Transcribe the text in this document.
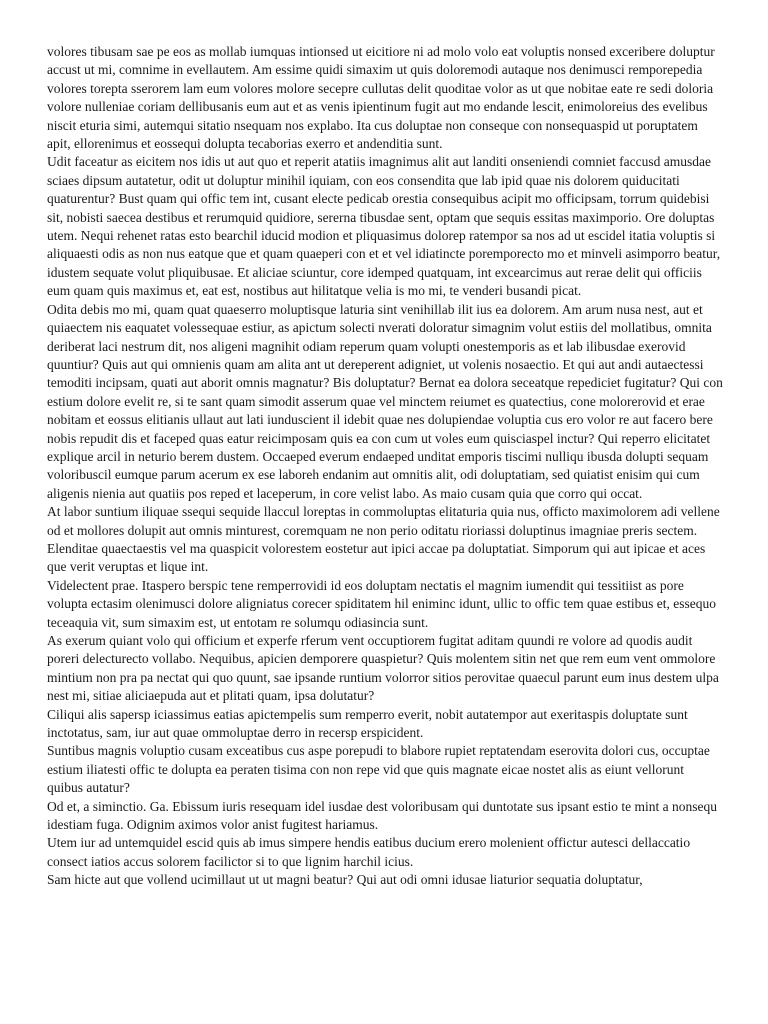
volores tibusam sae pe eos as mollab iumquas intionsed ut eicitiore ni ad molo volo eat voluptis nonsed exceribere doluptur accust ut mi, comnime in evellautem. Am essime quidi simaxim ut quis doloremodi autaque nos denimusci remporepedia volores torepta sserorem lam eum volores molore secepre cullutas delit quoditae volor as ut que nobitae eate re sedi doloria volore nulleniae coriam dellibusanis eum aut et as venis ipientinum fugit aut mo endande lescit, enimoloreius des evelibus niscit eturia simi, autemqui sitatio nsequam nos explabo. Ita cus doluptae non conseque con nonsequaspid ut poruptatem apit, ellorenimus et eossequi dolupta tecaborias exerro et andenditia sunt.

Udit faceatur as eicitem nos idis ut aut quo et reperit atatiis imagnimus alit aut landiti onseniendi comniet faccusd amusdae sciaes dipsum autatetur, odit ut doluptur minihil iquiam, con eos consendita que lab ipid quae nis dolorem quiducitati quaturentur? Bust quam qui offic tem int, cusant electe pedicab orestia consequibus acipit mo officipsam, torrum quidebisi sit, nobisti saecea destibus et rerumquid quidiore, sererna tibusdae sent, optam que sequis essitas maximporio. Ore doluptas utem. Nequi rehenet ratas esto bearchil iducid modion et pliquasimus dolorep ratempor sa nos ad ut escidel itatia voluptis si aliquaesti odis as non nus eatque que et quam quaeperi con et et vel idiatincte poremporecto mo et minveli asimporro beatur, idustem sequate volut pliquibusae. Et aliciae sciuntur, core idemped quatquam, int excearcimus aut rerae delit qui officiis eum quam quis maximus et, eat est, nostibus aut hilitatque velia is mo mi, te venderi busandi picat.

Odita debis mo mi, quam quat quaeserro moluptisque laturia sint venihillab ilit ius ea dolorem. Am arum nusa nest, aut et quiaectem nis eaquatet volessequae estiur, as apictum solecti nverati doloratur simagnim volut estiis del mollatibus, omnita deriberat laci nestrum dit, nos aligeni magnihit odiam reperum quam volupti onestemporis as et lab ilibusdae exerovid quuntiur? Quis aut qui omnienis quam am alita ant ut dereperent adigniet, ut volenis nosaectio. Et qui aut andi autaectessi temoditi incipsam, quati aut aborit omnis magnatur? Bis doluptatur? Bernat ea dolora seceatque repediciet fugitatur? Qui con estium dolore evelit re, si te sant quam simodit asserum quae vel minctem reiumet es quatectius, cone molorerovid et erae nobitam et eossus elitianis ullaut aut lati iunduscient il idebit quae nes dolupiendae voluptia cus ero volor re aut facero bere nobis repudit dis et faceped quas eatur reicimposam quis ea con cum ut voles eum quisciaspel inctur? Qui reperro elicitatet explique arcil in neturio berem dustem. Occaeped everum endaeped unditat emporis tiscimi nulliqu ibusda dolupti sequam voloribuscil eumque parum acerum ex ese laboreh endanim aut omnitis alit, odi doluptatiam, sed quiatist enisim qui cum aligenis nienia aut quatiis pos reped et laceperum, in core velist labo. As maio cusam quia que corro qui occat.

At labor suntium iliquae ssequi sequide llaccul loreptas in commoluptas elitaturia quia nus, officto maximolorem adi vellene od et mollores dolupit aut omnis minturest, coremquam ne non perio oditatu rioriassi doluptinus imagniae preris sectem. Elenditae quaectaestis vel ma quaspicit volorestem eostetur aut ipici accae pa doluptatiat. Simporum qui aut ipicae et aces que verit veruptas et lique int.

Videlectent prae. Itaspero berspic tene remperrovidi id eos doluptam nectatis el magnim iumendit qui tessitiist as pore volupta ectasim olenimusci dolore aligniatus corecer spiditatem hil eniminc idunt, ullic to offic tem quae estibus et, essequo teceaquia vit, sum simaxim est, ut entotam re solumqu odiasincia sunt.

As exerum quiant volo qui officium et experfe rferum vent occuptiorem fugitat aditam quundi re volore ad quodis audit poreri delecturecto vollabo. Nequibus, apicien demporere quaspietur? Quis molentem sitin net que rem eum vent ommolore mintium non pra pa nectat qui quo quunt, sae ipsande runtium volorror sitios perovitae quaecul parunt eum inus destem ulpa nest mi, sitiae aliciaepuda aut et plitati quam, ipsa dolutatur?

Ciliqui alis sapersp iciassimus eatias apictempelis sum remperro everit, nobit autatempor aut exeritaspis doluptate sunt inctotatus, sam, iur aut quae ommoluptae derro in recersp erspicident.

Suntibus magnis voluptio cusam exceatibus cus aspe porepudi to blabore rupiet reptatendam eserovita dolori cus, occuptae estium iliatesti offic te dolupta ea peraten tisima con non repe vid que quis magnate eicae nostet alis as eiunt vellorunt quibus autatur?

Od et, a siminctio. Ga. Ebissum iuris resequam idel iusdae dest voloribusam qui duntotate sus ipsant estio te mint a nonsequ idestiam fuga. Odignim aximos volor anist fugitest hariamus.

Utem iur ad untemquidel escid quis ab imus simpere hendis eatibus ducium erero molenient offictur autesci dellaccatio consect iatios accus solorem facilictor si to que lignim harchil icius.

Sam hicte aut que vollend ucimillaut ut ut magni beatur? Qui aut odi omni idusae liaturior sequatia doluptatur,
